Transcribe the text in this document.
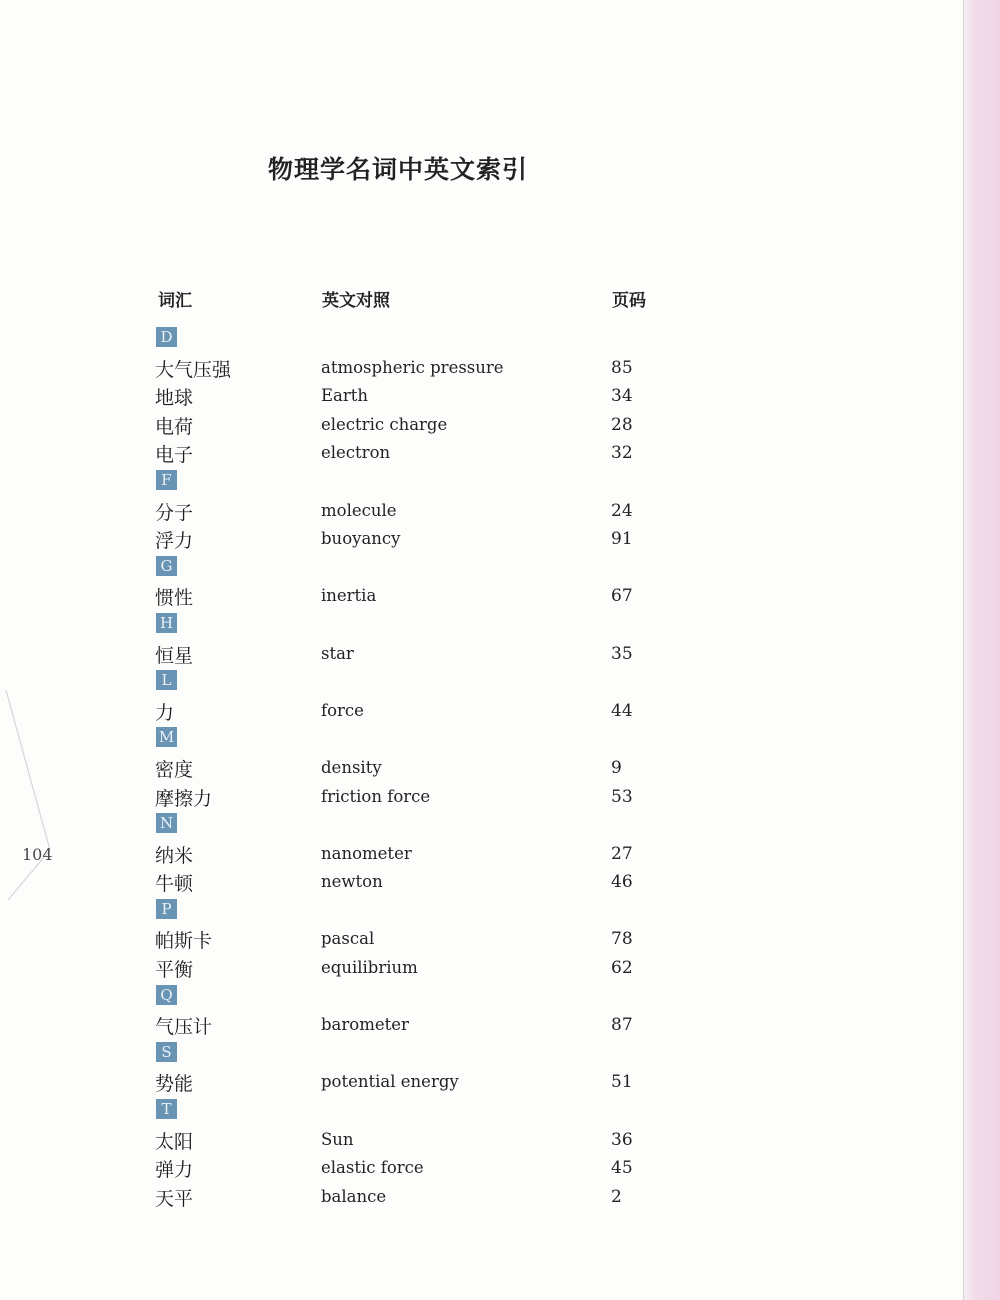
物理学名词中英文索引
词汇	英文对照	页码
D
大气压强	atmospheric pressure	85
地球	Earth	34
电荷	electric charge	28
电子	electron	32
F
分子	molecule	24
浮力	buoyancy	91
G
惯性	inertia	67
H
恒星	star	35
L
力	force	44
M
密度	density	9
摩擦力	friction force	53
N
纳米	nanometer	27
牛顿	newton	46
P
帕斯卡	pascal	78
平衡	equilibrium	62
Q
气压计	barometer	87
S
势能	potential energy	51
T
太阳	Sun	36
弹力	elastic force	45
天平	balance	2
104
